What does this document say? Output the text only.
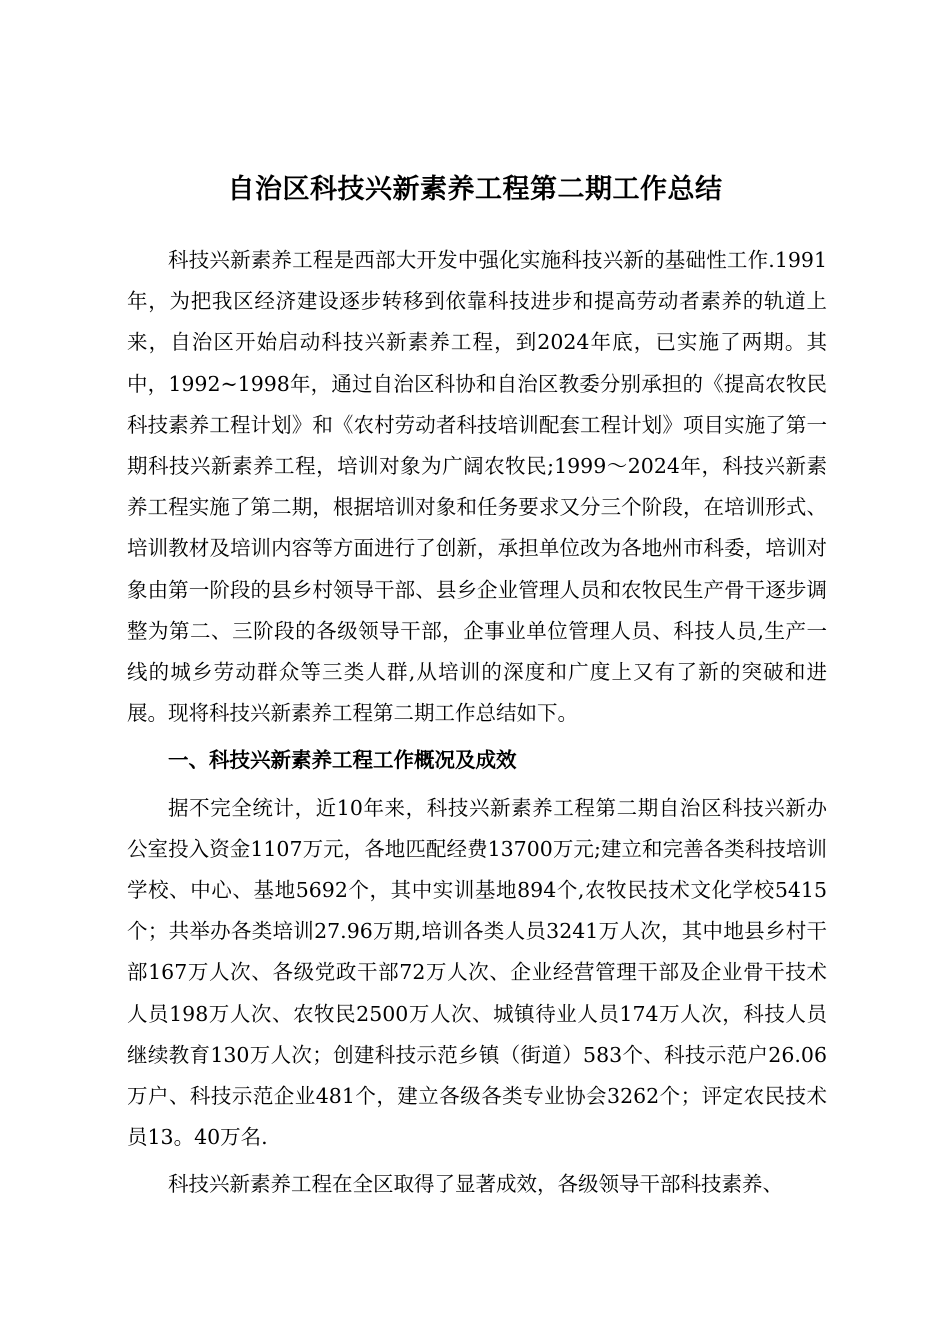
自治区科技兴新素养工程第二期工作总结

科技兴新素养工程是西部大开发中强化实施科技兴新的基础性工作.1991年，为把我区经济建设逐步转移到依靠科技进步和提高劳动者素养的轨道上来，自治区开始启动科技兴新素养工程，到2024年底，已实施了两期。其中，1992~1998年，通过自治区科协和自治区教委分别承担的《提高农牧民科技素养工程计划》和《农村劳动者科技培训配套工程计划》项目实施了第一期科技兴新素养工程，培训对象为广阔农牧民;1999～2024年，科技兴新素养工程实施了第二期，根据培训对象和任务要求又分三个阶段，在培训形式、培训教材及培训内容等方面进行了创新，承担单位改为各地州市科委，培训对象由第一阶段的县乡村领导干部、县乡企业管理人员和农牧民生产骨干逐步调整为第二、三阶段的各级领导干部，企事业单位管理人员、科技人员,生产一线的城乡劳动群众等三类人群,从培训的深度和广度上又有了新的突破和进展。现将科技兴新素养工程第二期工作总结如下。

一、科技兴新素养工程工作概况及成效

据不完全统计，近10年来，科技兴新素养工程第二期自治区科技兴新办公室投入资金1107万元，各地匹配经费13700万元;建立和完善各类科技培训学校、中心、基地5692个，其中实训基地894个,农牧民技术文化学校5415个；共举办各类培训27.96万期,培训各类人员3241万人次，其中地县乡村干部167万人次、各级党政干部72万人次、企业经营管理干部及企业骨干技术人员198万人次、农牧民2500万人次、城镇待业人员174万人次，科技人员继续教育130万人次；创建科技示范乡镇（街道）583个、科技示范户26.06万户、科技示范企业481个，建立各级各类专业协会3262个；评定农民技术员13。40万名.

科技兴新素养工程在全区取得了显著成效，各级领导干部科技素养、
